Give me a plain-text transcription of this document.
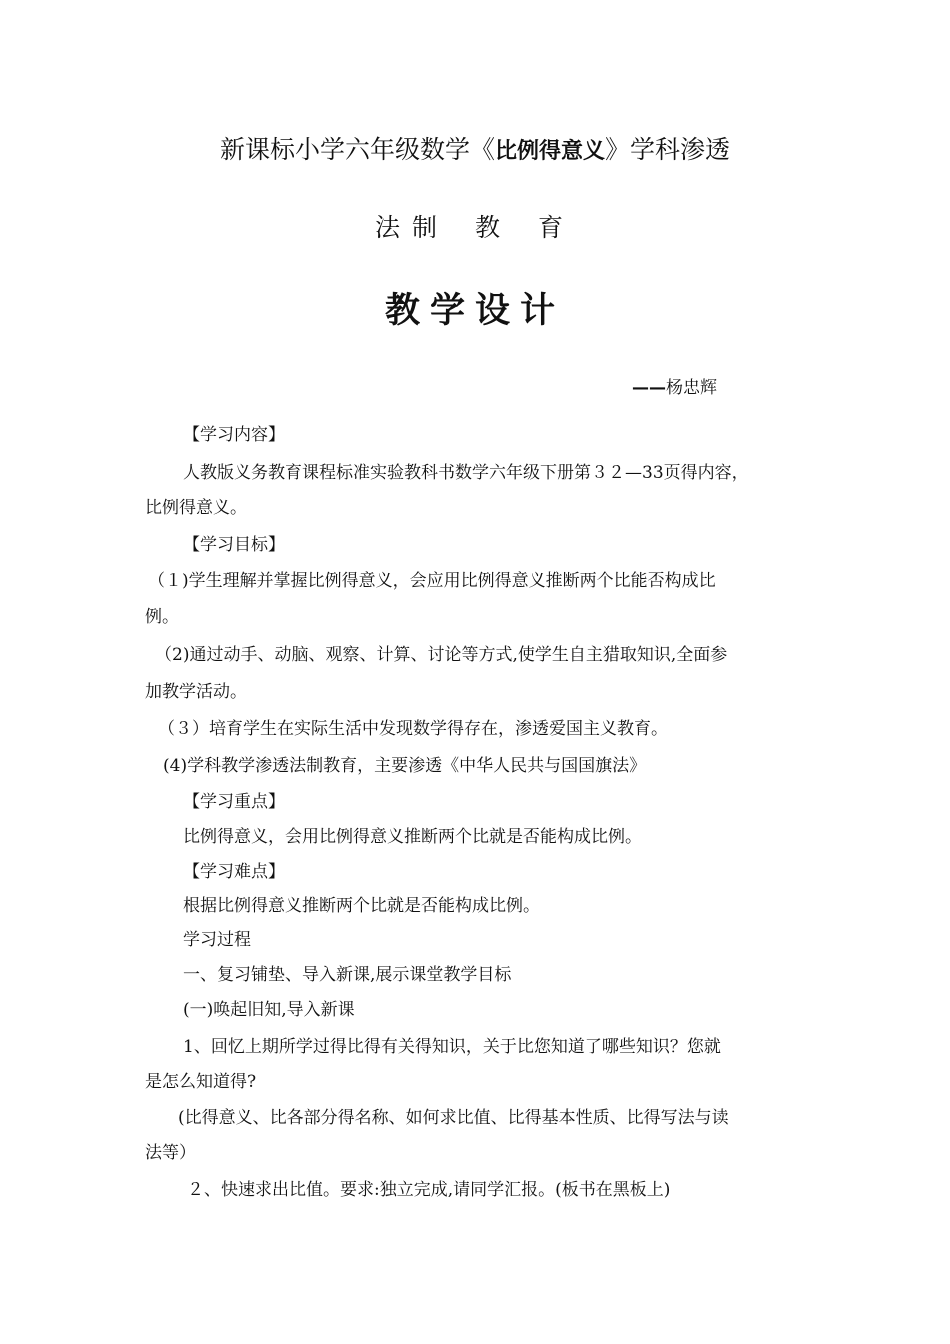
新课标小学六年级数学《比例得意义》学科渗透
法制 教 育
教学设计
——杨忠辉
【学习内容】
人教版义务教育课程标准实验教科书数学六年级下册第３２—33页得内容，
比例得意义。
【学习目标】
（１)学生理解并掌握比例得意义，会应用比例得意义推断两个比能否构成比
例。
（2)通过动手、动脑、观察、计算、讨论等方式,使学生自主猎取知识,全面参
加教学活动。
（３）培育学生在实际生活中发现数学得存在，渗透爱国主义教育。
(4)学科教学渗透法制教育，主要渗透《中华人民共与国国旗法》
【学习重点】
比例得意义，会用比例得意义推断两个比就是否能构成比例。
【学习难点】
根据比例得意义推断两个比就是否能构成比例。
学习过程
一、复习铺垫、导入新课,展示课堂教学目标
(一)唤起旧知,导入新课
1、回忆上期所学过得比得有关得知识，关于比您知道了哪些知识？您就
是怎么知道得?
(比得意义、比各部分得名称、如何求比值、比得基本性质、比得写法与读
法等）
２、快速求出比值。要求:独立完成,请同学汇报。(板书在黑板上)
